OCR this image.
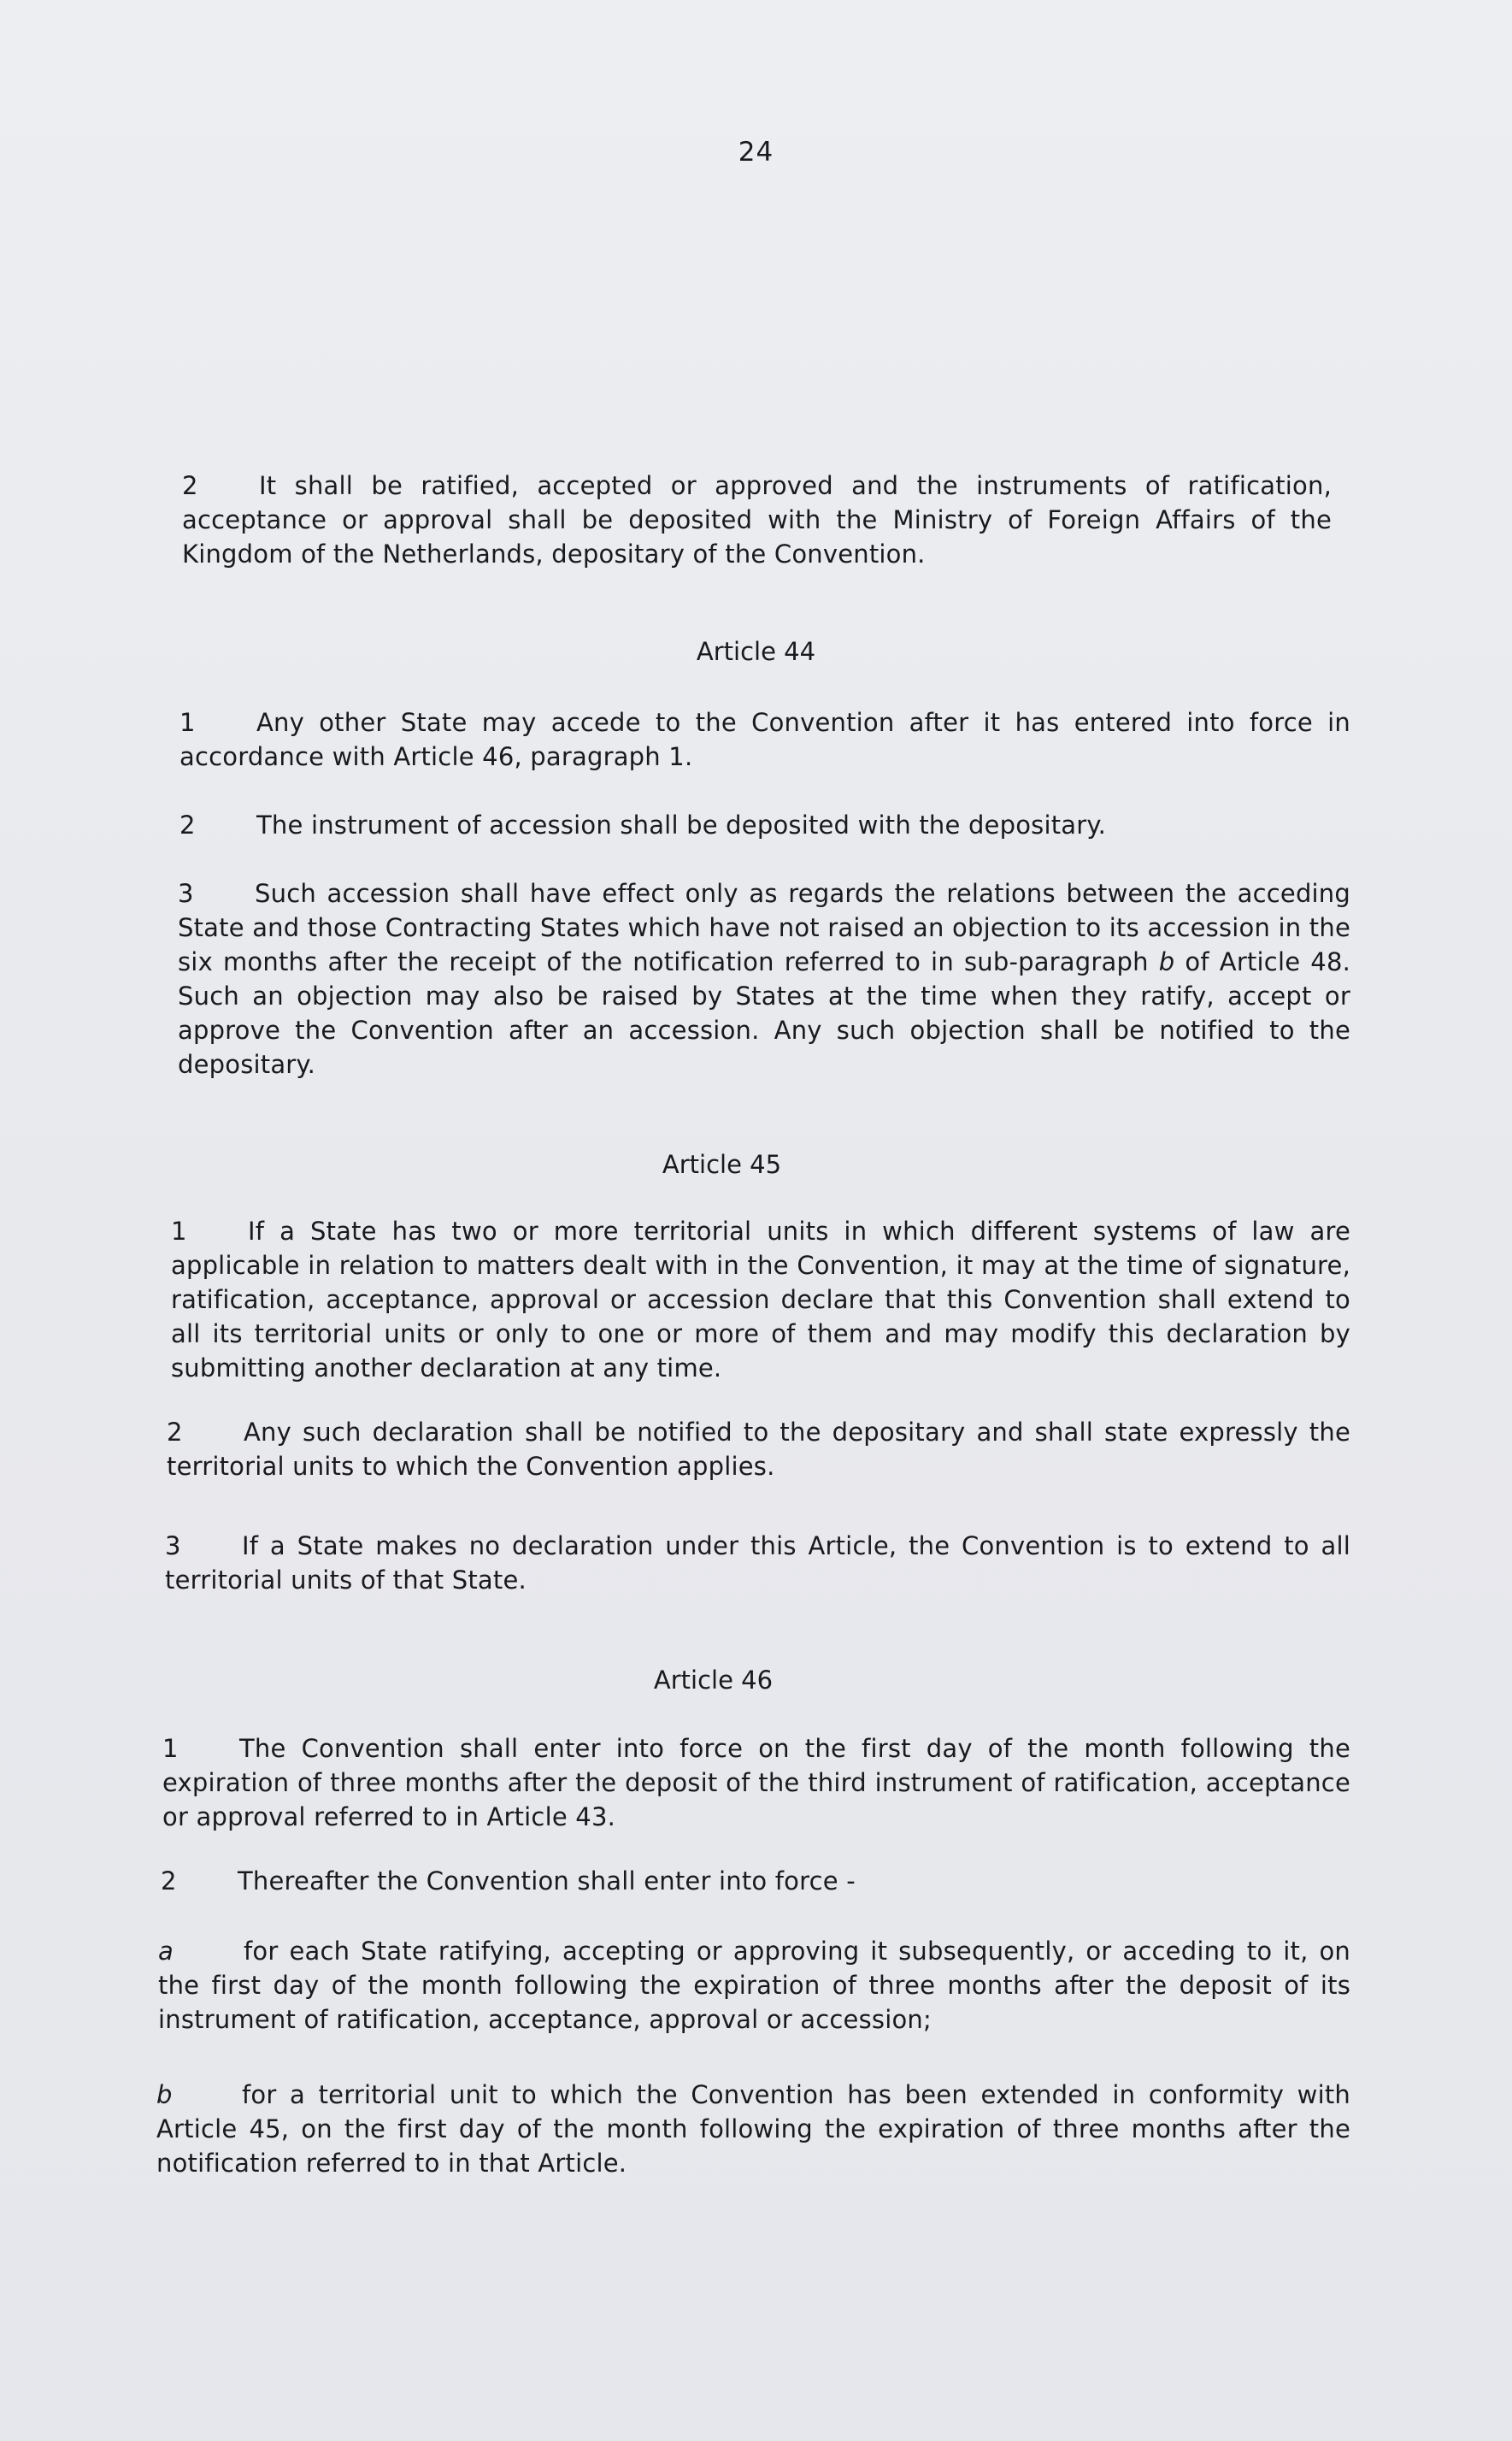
24

2 It shall be ratified, accepted or approved and the instruments of ratification, acceptance or approval shall be deposited with the Ministry of Foreign Affairs of the Kingdom of the Netherlands, depositary of the Convention.

Article 44

1 Any other State may accede to the Convention after it has entered into force in accordance with Article 46, paragraph 1.

2 The instrument of accession shall be deposited with the depositary.

3 Such accession shall have effect only as regards the relations between the acceding State and those Contracting States which have not raised an objection to its accession in the six months after the receipt of the notification referred to in sub-paragraph b of Article 48. Such an objection may also be raised by States at the time when they ratify, accept or approve the Convention after an accession. Any such objection shall be notified to the depositary.

Article 45

1 If a State has two or more territorial units in which different systems of law are applicable in relation to matters dealt with in the Convention, it may at the time of signature, ratification, acceptance, approval or accession declare that this Convention shall extend to all its territorial units or only to one or more of them and may modify this declaration by submitting another declaration at any time.

2 Any such declaration shall be notified to the depositary and shall state expressly the territorial units to which the Convention applies.

3 If a State makes no declaration under this Article, the Convention is to extend to all territorial units of that State.

Article 46

1 The Convention shall enter into force on the first day of the month following the expiration of three months after the deposit of the third instrument of ratification, acceptance or approval referred to in Article 43.

2 Thereafter the Convention shall enter into force -

a	for each State ratifying, accepting or approving it subsequently, or acceding to it, on the first day of the month following the expiration of three months after the deposit of its instrument of ratification, acceptance, approval or accession;

b	for a territorial unit to which the Convention has been extended in conformity with Article 45, on the first day of the month following the expiration of three months after the notification referred to in that Article.
